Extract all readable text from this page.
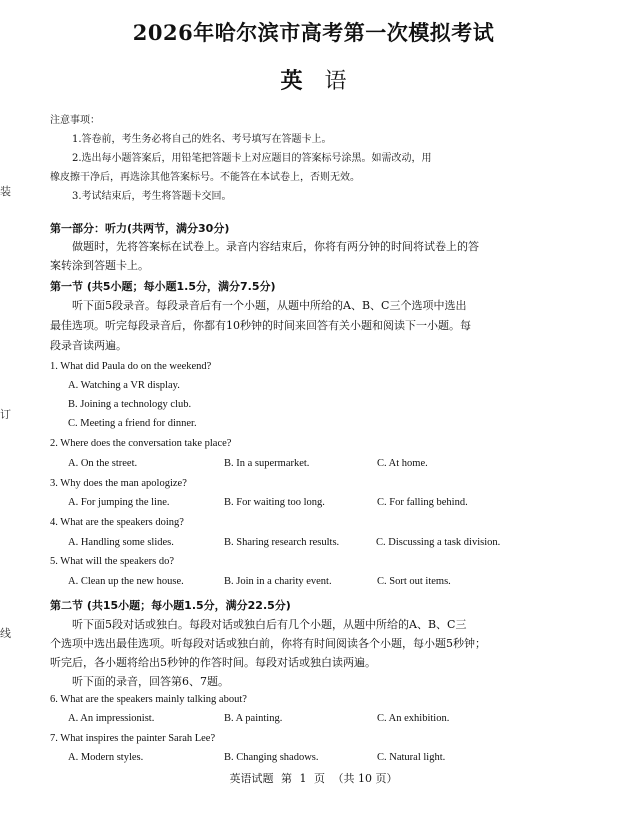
装
订
线
2026年哈尔滨市高考第一次模拟考试
英 语
注意事项：
1.答卷前，考生务必将自己的姓名、考号填写在答题卡上。
2.选出每小题答案后，用铅笔把答题卡上对应题目的答案标号涂黑。如需改动，用
橡皮擦干净后，再选涂其他答案标号。不能答在本试卷上，否则无效。
3.考试结束后，考生将答题卡交回。
第一部分：听力(共两节，满分30分)
做题时，先将答案标在试卷上。录音内容结束后，你将有两分钟的时间将试卷上的答
案转涂到答题卡上。
第一节 (共5小题；每小题1.5分，满分7.5分)
听下面5段录音。每段录音后有一个小题，从题中所给的A、B、C三个选项中选出
最佳选项。听完每段录音后，你都有10秒钟的时间来回答有关小题和阅读下一小题。每
段录音读两遍。
1. What did Paula do on the weekend?
A. Watching a VR display.
B. Joining a technology club.
C. Meeting a friend for dinner.
2. Where does the conversation take place?
A. On the street.	B. In a supermarket.	C. At home.
3. Why does the man apologize?
A. For jumping the line.	B. For waiting too long.	C. For falling behind.
4. What are the speakers doing?
A. Handling some slides.	B. Sharing research results.	C. Discussing a task division.
5. What will the speakers do?
A. Clean up the new house.	B. Join in a charity event.	C. Sort out items.
第二节 (共15小题；每小题1.5分，满分22.5分)
听下面5段对话或独白。每段对话或独白后有几个小题，从题中所给的A、B、C三
个选项中选出最佳选项。听每段对话或独白前，你将有时间阅读各个小题，每小题5秒钟；
听完后，各小题将给出5秒钟的作答时间。每段对话或独白读两遍。
听下面的录音，回答第6、7题。
6. What are the speakers mainly talking about?
A. An impressionist.	B. A painting.	C. An exhibition.
7. What inspires the painter Sarah Lee?
A. Modern styles.	B. Changing shadows.	C. Natural light.
英语试题 第 1 页 （共 10 页）
